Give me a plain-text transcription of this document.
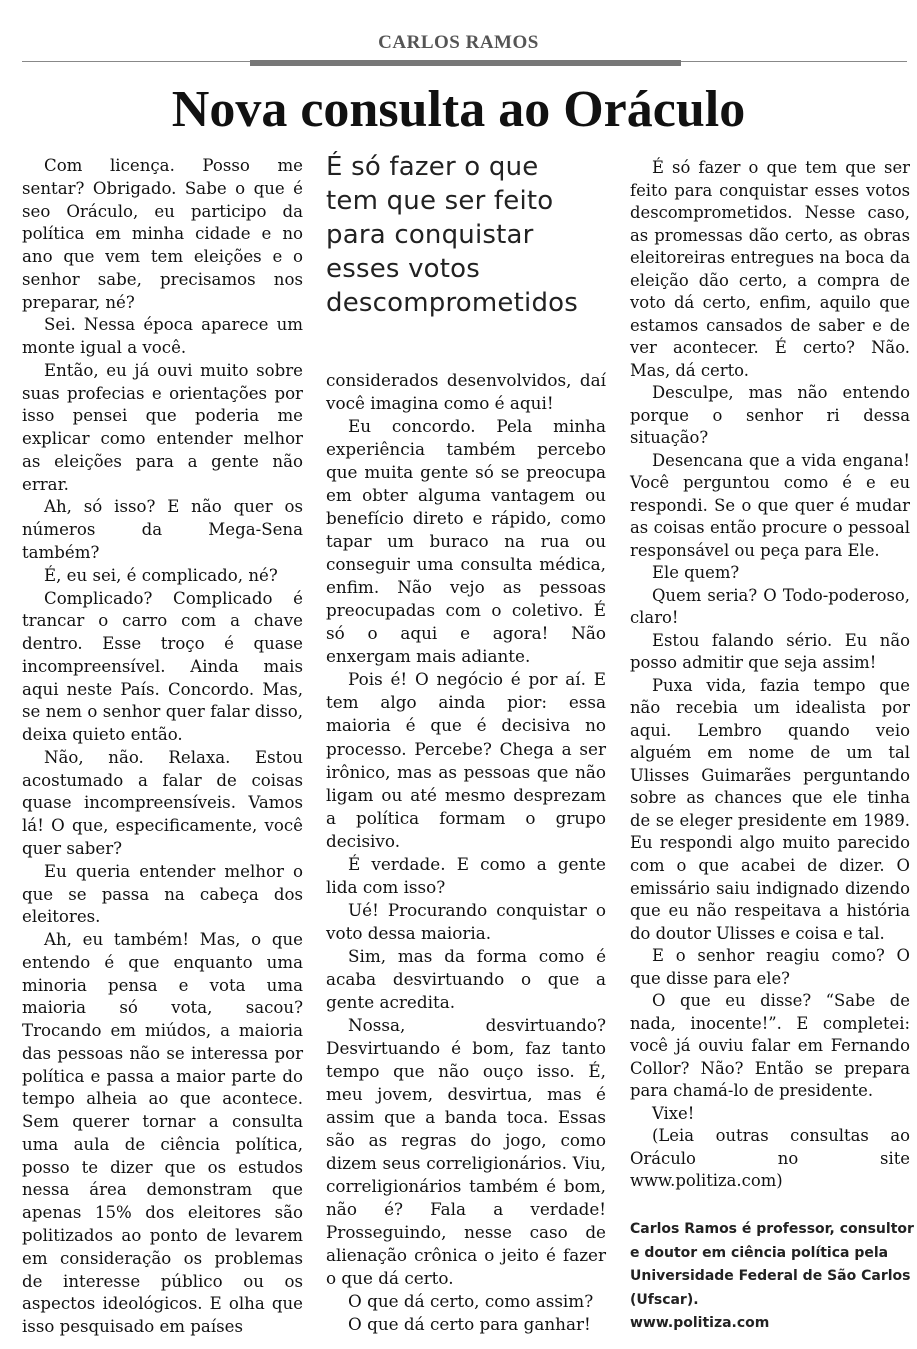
CARLOS RAMOS
Nova consulta ao Oráculo

Com licença. Posso me sentar? Obrigado. Sabe o que é seo Oráculo, eu participo da política em minha cidade e no ano que vem tem eleições e o senhor sabe, precisamos nos preparar, né?

Sei. Nessa época aparece um monte igual a você.

Então, eu já ouvi muito sobre suas profecias e orientações por isso pensei que poderia me explicar como entender melhor as eleições para a gente não errar.

Ah, só isso? E não quer os números da Mega-Sena também?

É, eu sei, é complicado, né?

Complicado? Complicado é trancar o carro com a chave dentro. Esse troço é quase incompreensível. Ainda mais aqui neste País. Concordo. Mas, se nem o senhor quer falar disso, deixa quieto então.

Não, não. Relaxa. Estou acostumado a falar de coisas quase incompreensíveis. Vamos lá! O que, especificamente, você quer saber?

Eu queria entender melhor o que se passa na cabeça dos eleitores.

Ah, eu também! Mas, o que entendo é que enquanto uma minoria pensa e vota uma maioria só vota, sacou? Trocando em miúdos, a maioria das pessoas não se interessa por política e passa a maior parte do tempo alheia ao que acontece. Sem querer tornar a consulta uma aula de ciência política, posso te dizer que os estudos nessa área demonstram que apenas 15% dos eleitores são politizados ao ponto de levarem em consideração os problemas de interesse público ou os aspectos ideológicos. E olha que isso pesquisado em países

É só fazer o que
tem que ser feito
para conquistar
esses votos
descomprometidos

considerados desenvolvidos, daí você imagina como é aqui!

Eu concordo. Pela minha experiência também percebo que muita gente só se preocupa em obter alguma vantagem ou benefício direto e rápido, como tapar um buraco na rua ou conseguir uma consulta médica, enfim. Não vejo as pessoas preocupadas com o coletivo. É só o aqui e agora! Não enxergam mais adiante.

Pois é! O negócio é por aí. E tem algo ainda pior: essa maioria é que é decisiva no processo. Percebe? Chega a ser irônico, mas as pessoas que não ligam ou até mesmo desprezam a política formam o grupo decisivo.

É verdade. E como a gente lida com isso?

Ué! Procurando conquistar o voto dessa maioria.

Sim, mas da forma como é acaba desvirtuando o que a gente acredita.

Nossa, desvirtuando? Desvirtuando é bom, faz tanto tempo que não ouço isso. É, meu jovem, desvirtua, mas é assim que a banda toca. Essas são as regras do jogo, como dizem seus correligionários. Viu, correligionários também é bom, não é? Fala a verdade! Prosseguindo, nesse caso de alienação crônica o jeito é fazer o que dá certo.

O que dá certo, como assim?

O que dá certo para ganhar!

É só fazer o que tem que ser feito para conquistar esses votos descomprometidos. Nesse caso, as promessas dão certo, as obras eleitoreiras entregues na boca da eleição dão certo, a compra de voto dá certo, enfim, aquilo que estamos cansados de saber e de ver acontecer. É certo? Não. Mas, dá certo.

Desculpe, mas não entendo porque o senhor ri dessa situação?

Desencana que a vida engana! Você perguntou como é e eu respondi. Se o que quer é mudar as coisas então procure o pessoal responsável ou peça para Ele.

Ele quem?

Quem seria? O Todo-poderoso, claro!

Estou falando sério. Eu não posso admitir que seja assim!

Puxa vida, fazia tempo que não recebia um idealista por aqui. Lembro quando veio alguém em nome de um tal Ulisses Guimarães perguntando sobre as chances que ele tinha de se eleger presidente em 1989. Eu respondi algo muito parecido com o que acabei de dizer. O emissário saiu indignado dizendo que eu não respeitava a história do doutor Ulisses e coisa e tal.

E o senhor reagiu como? O que disse para ele?

O que eu disse? “Sabe de nada, inocente!”. E completei: você já ouviu falar em Fernando Collor? Não? Então se prepara para chamá-lo de presidente.

Vixe!

(Leia outras consultas ao Oráculo no site www.politiza.com)

Carlos Ramos é professor, consultor
e doutor em ciência política pela
Universidade Federal de São Carlos
(Ufscar).
www.politiza.com
